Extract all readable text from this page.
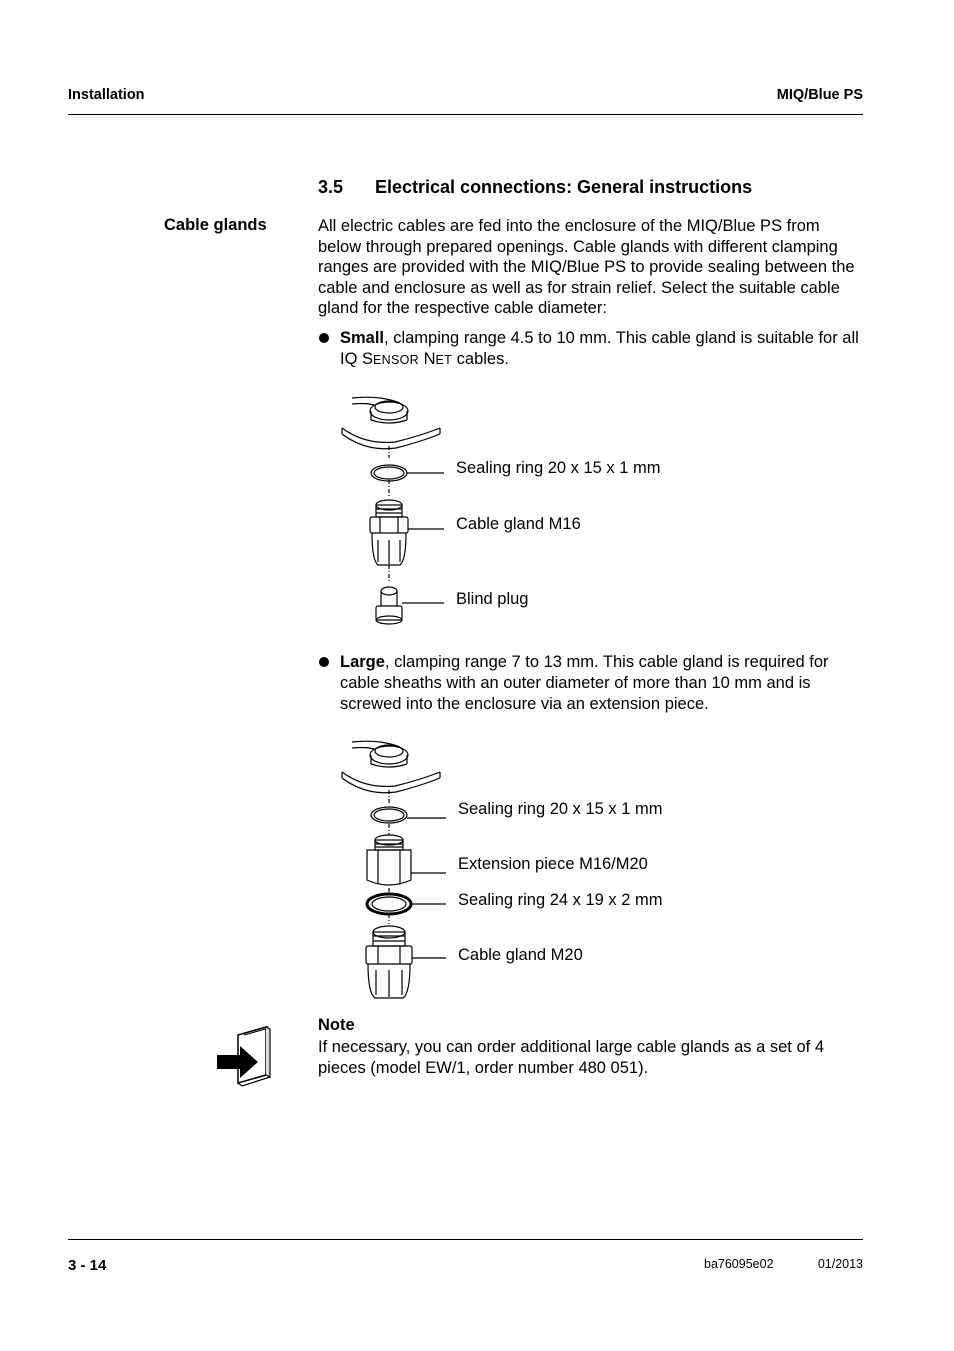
Installation	MIQ/Blue PS
3.5 Electrical connections: General instructions
Cable glands	All electric cables are fed into the enclosure of the MIQ/Blue PS from below through prepared openings. Cable glands with different clamping ranges are provided with the MIQ/Blue PS to provide sealing between the cable and enclosure as well as for strain relief. Select the suitable cable gland for the respective cable diameter:
Small, clamping range 4.5 to 10 mm. This cable gland is suitable for all IQ SENSOR NET cables.
Sealing ring 20 x 15 x 1 mm
Cable gland M16
Blind plug
Large, clamping range 7 to 13 mm. This cable gland is required for cable sheaths with an outer diameter of more than 10 mm and is screwed into the enclosure via an extension piece.
Sealing ring 20 x 15 x 1 mm
Extension piece M16/M20
Sealing ring 24 x 19 x 2 mm
Cable gland M20
Note
If necessary, you can order additional large cable glands as a set of 4 pieces (model EW/1, order number 480 051).
3 - 14	ba76095e02	01/2013
